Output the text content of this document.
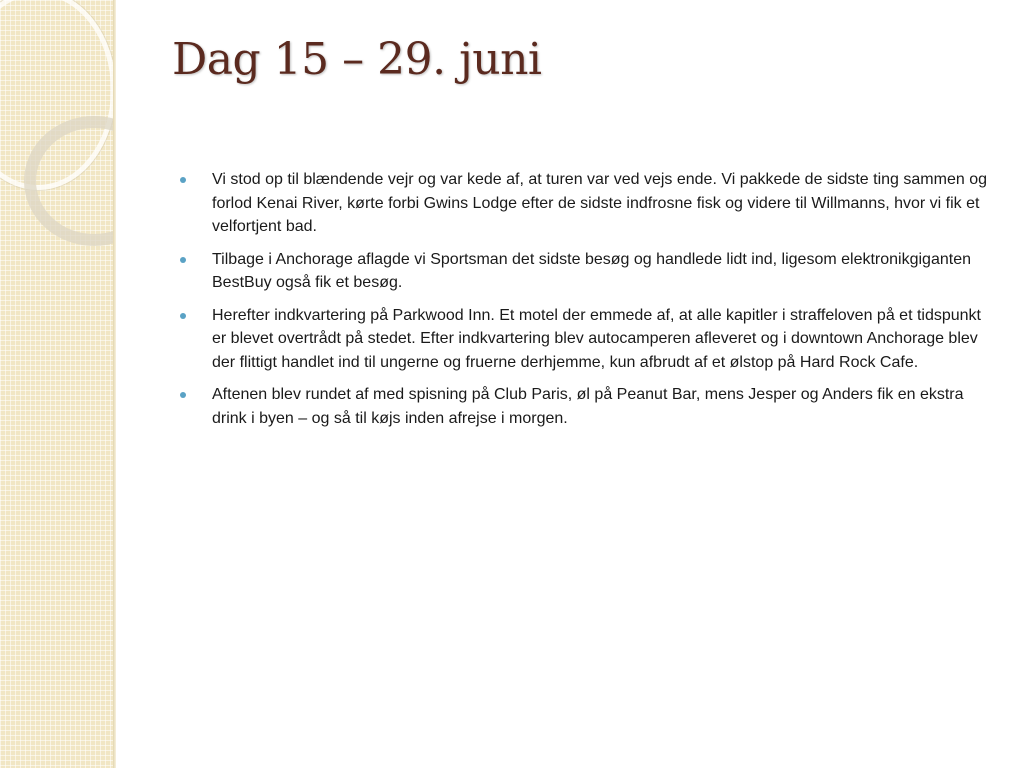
Dag 15 – 29. juni
Vi stod op til blændende vejr og var kede af, at turen var ved vejs ende. Vi pakkede de sidste ting sammen og forlod Kenai River, kørte forbi Gwins Lodge efter de sidste indfrosne fisk og videre til Willmanns, hvor vi fik et velfortjent bad.
Tilbage i Anchorage aflagde vi Sportsman det sidste besøg og handlede lidt ind, ligesom elektronikgiganten BestBuy også fik et besøg.
Herefter indkvartering på Parkwood Inn. Et motel der emmede af, at alle kapitler i straffeloven på et tidspunkt er blevet overtrådt på stedet. Efter indkvartering blev autocamperen afleveret og i downtown Anchorage blev der flittigt handlet ind til ungerne og fruerne derhjemme, kun afbrudt af et ølstop på Hard Rock Cafe.
Aftenen blev rundet af med spisning på Club Paris, øl på Peanut Bar, mens Jesper og Anders fik en ekstra drink i byen – og så til køjs inden afrejse i morgen.
